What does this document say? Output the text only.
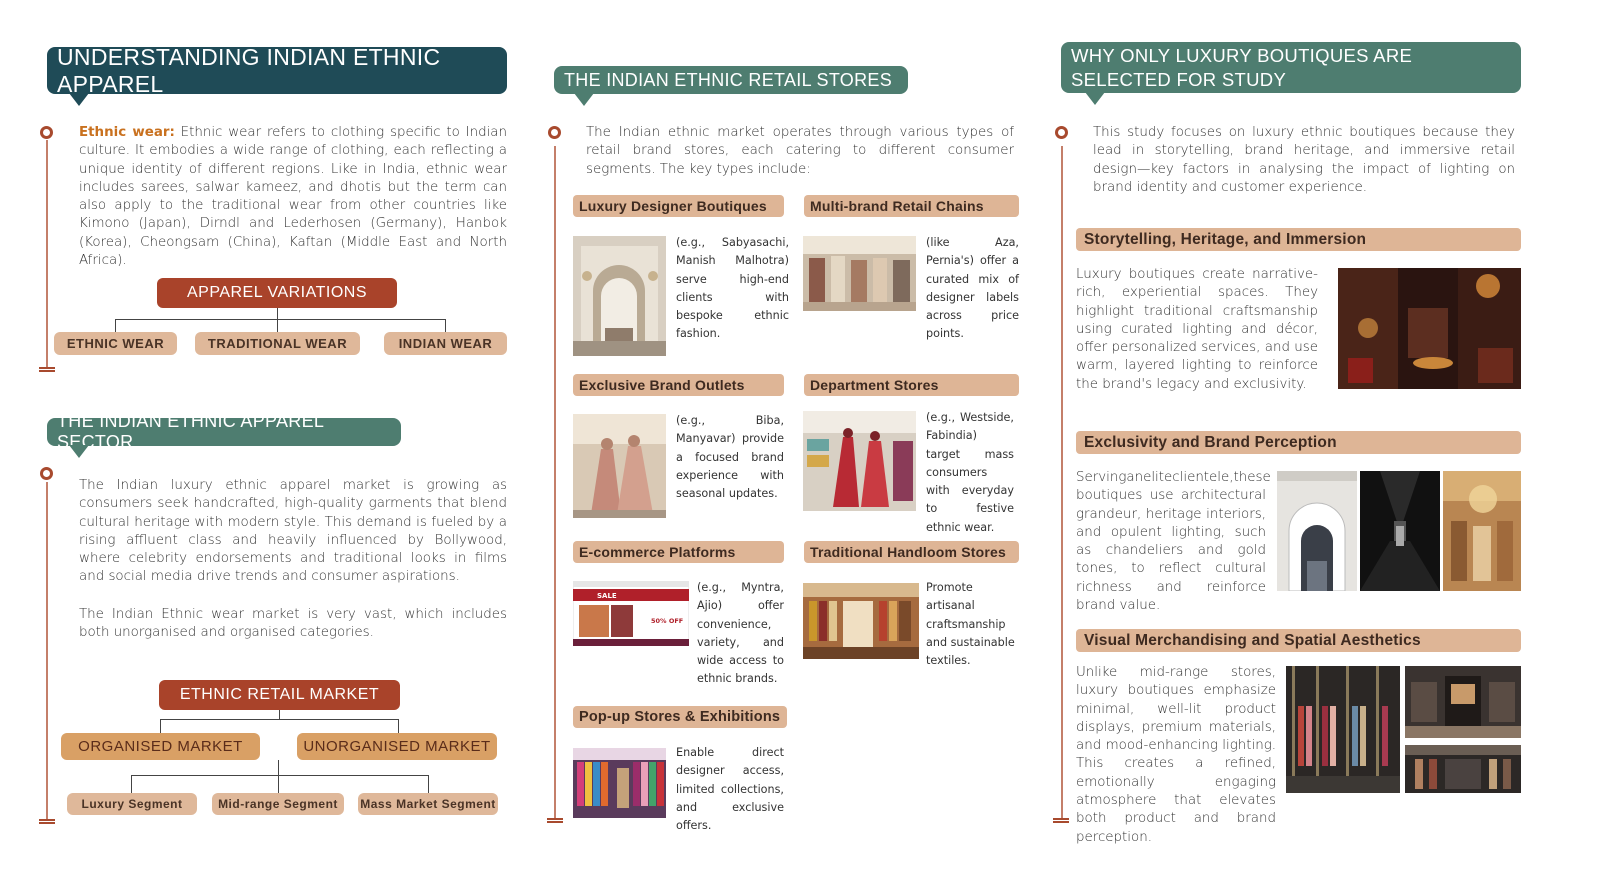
UNDERSTANDING INDIAN ETHNIC APPAREL
Ethnic wear: Ethnic wear refers to clothing specific to Indian culture. It embodies a wide range of clothing, each reflecting a unique identity of different regions. Like in India, ethnic wear includes sarees, salwar kameez, and dhotis but the term can also apply to the traditional wear from other countries like Kimono (Japan), Dirndl and Lederhosen (Germany), Hanbok (Korea), Cheongsam (China), Kaftan (Middle East and North Africa).
APPAREL VARIATIONS
ETHNIC WEAR	TRADITIONAL WEAR	INDIAN WEAR
THE INDIAN ETHNIC APPAREL SECTOR
The Indian luxury ethnic apparel market is growing as consumers seek handcrafted, high-quality garments that blend cultural heritage with modern style. This demand is fueled by a rising affluent class and heavily influenced by Bollywood, where celebrity endorsements and traditional looks in films and social media drive trends and consumer aspirations.
The Indian Ethnic wear market is very vast, which includes both unorganised and organised categories.
ETHNIC RETAIL MARKET
ORGANISED MARKET	UNORGANISED MARKET
Luxury Segment	Mid-range Segment Mass Market Segment
THE INDIAN ETHNIC RETAIL STORES
The Indian ethnic market operates through various types of retail brand stores, each catering to different consumer segments. The key types include:
Luxury Designer Boutiques
(e.g., Sabyasachi, Manish Malhotra) serve high-end clients with bespoke ethnic fashion.
Multi-brand Retail Chains
(like Aza, Pernia's) offer a curated mix of designer labels across price points.
Exclusive Brand Outlets
(e.g., Biba, Manyavar) provide a focused brand experience with seasonal updates.
Department Stores
(e.g., Westside, Fabindia) target mass consumers with everyday to festive ethnic wear.
E-commerce Platforms
SALE
50% OFF
(e.g., Myntra, Ajio) offer convenience, variety, and wide access to ethnic brands.
Traditional Handloom Stores
Promote artisanal craftsmanship and sustainable textiles.
Pop-up Stores & Exhibitions
Enable direct designer access, limited collections, and exclusive offers.
WHY ONLY LUXURY BOUTIQUES ARE SELECTED FOR STUDY
This study focuses on luxury ethnic boutiques because they lead in storytelling, brand heritage, and immersive retail design—key factors in analysing the impact of lighting on brand identity and customer experience.
Storytelling, Heritage, and Immersion
Luxury boutiques create narrative-rich, experiential spaces. They highlight traditional craftsmanship using curated lighting and décor, offer personalized services, and use warm, layered lighting to reinforce the brand's legacy and exclusivity.
Exclusivity and Brand Perception
Servinganeliteclientele,these boutiques use architectural grandeur, heritage interiors, and opulent lighting, such as chandeliers and gold tones, to reflect cultural richness and reinforce brand value.
Visual Merchandising and Spatial Aesthetics
Unlike mid-range stores, luxury boutiques emphasize minimal, well-lit product displays, premium materials, and mood-enhancing lighting. This creates a refined, emotionally engaging atmosphere that elevates both product and brand perception.
